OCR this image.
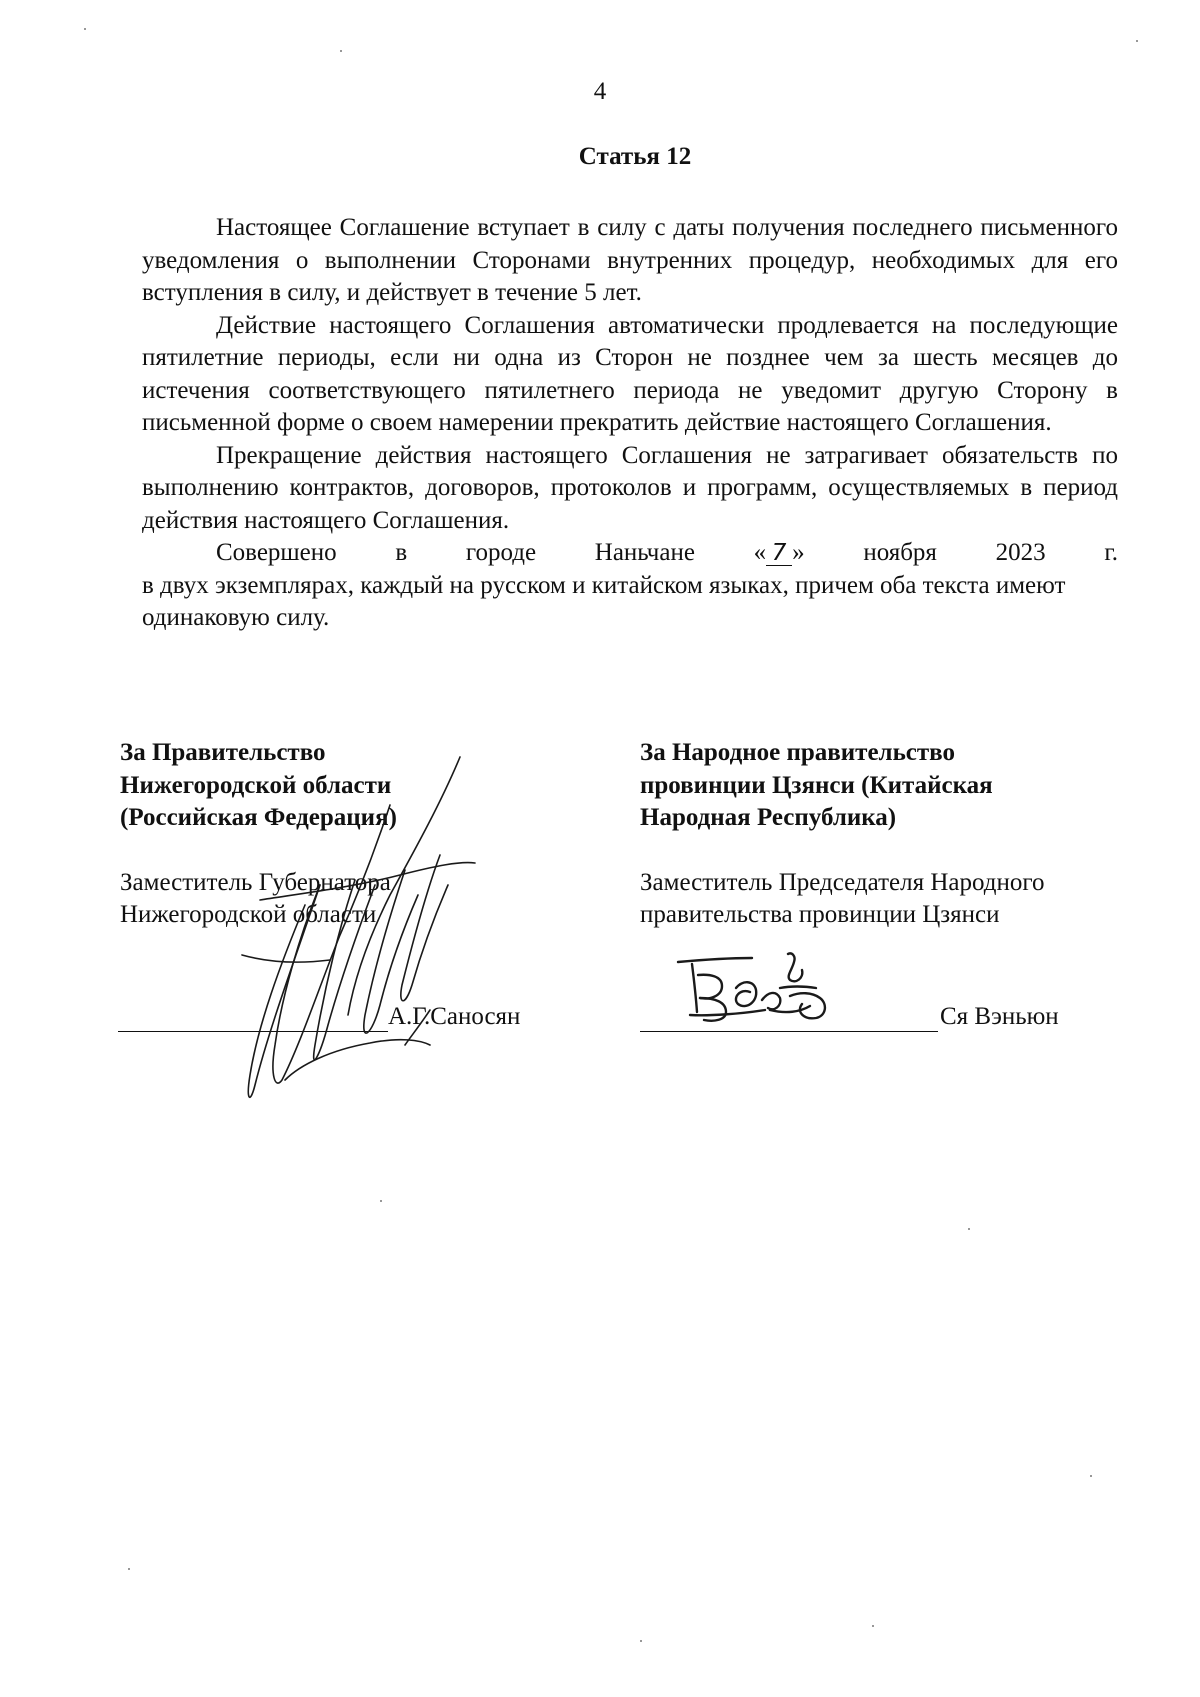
4
Статья 12

Настоящее Соглашение вступает в силу с даты получения последнего письменного уведомления о выполнении Сторонами внутренних процедур, необходимых для его вступления в силу, и действует в течение 5 лет.

Действие настоящего Соглашения автоматически продлевается на последующие пятилетние периоды, если ни одна из Сторон не позднее чем за шесть месяцев до истечения соответствующего пятилетнего периода не уведомит другую Сторону в письменной форме о своем намерении прекратить действие настоящего Соглашения.

Прекращение действия настоящего Соглашения не затрагивает обязательств по выполнению контрактов, договоров, протоколов и программ, осуществляемых в период действия настоящего Соглашения.

Совершено в городе Наньчане « 7 » ноября 2023 г.
в двух экземплярах, каждый на русском и китайском языках, причем оба текста имеют одинаковую силу.
За Правительство
Нижегородской области
(Российская Федерация)
Заместитель Губернатора
Нижегородской области
А.Г.Саносян
За Народное правительство
провинции Цзянси (Китайская
Народная Республика)
Заместитель Председателя Народного
правительства провинции Цзянси
Ся Вэньюн
